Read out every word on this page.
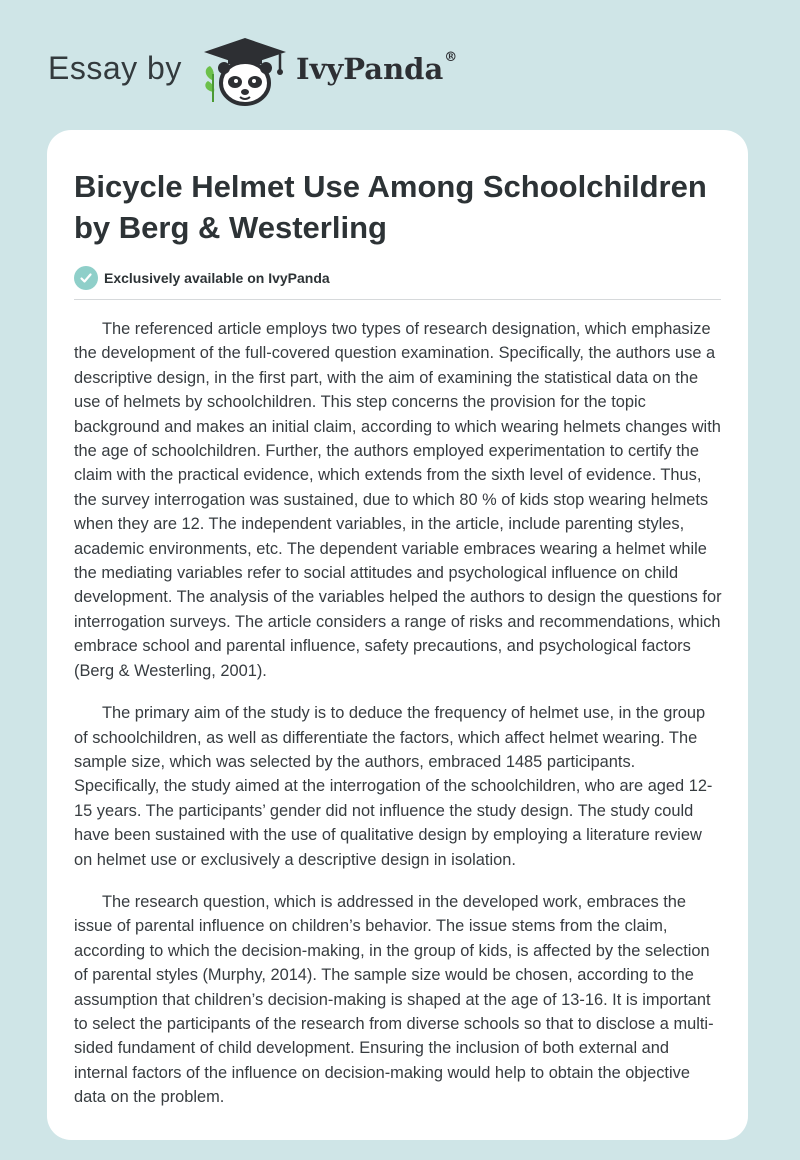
Essay by	IvyPanda®
Bicycle Helmet Use Among Schoolchildren by Berg & Westerling
Exclusively available on IvyPanda

The referenced article employs two types of research designation, which emphasize the development of the full-covered question examination. Specifically, the authors use a descriptive design, in the first part, with the aim of examining the statistical data on the use of helmets by schoolchildren. This step concerns the provision for the topic background and makes an initial claim, according to which wearing helmets changes with the age of schoolchildren. Further, the authors employed experimentation to certify the claim with the practical evidence, which extends from the sixth level of evidence. Thus, the survey interrogation was sustained, due to which 80 % of kids stop wearing helmets when they are 12. The independent variables, in the article, include parenting styles, academic environments, etc. The dependent variable embraces wearing a helmet while the mediating variables refer to social attitudes and psychological influence on child development. The analysis of the variables helped the authors to design the questions for interrogation surveys. The article considers a range of risks and recommendations, which embrace school and parental influence, safety precautions, and psychological factors (Berg & Westerling, 2001).

The primary aim of the study is to deduce the frequency of helmet use, in the group of schoolchildren, as well as differentiate the factors, which affect helmet wearing. The sample size, which was selected by the authors, embraced 1485 participants. Specifically, the study aimed at the interrogation of the schoolchildren, who are aged 12-15 years. The participants’ gender did not influence the study design. The study could have been sustained with the use of qualitative design by employing a literature review on helmet use or exclusively a descriptive design in isolation.

The research question, which is addressed in the developed work, embraces the issue of parental influence on children’s behavior. The issue stems from the claim, according to which the decision-making, in the group of kids, is affected by the selection of parental styles (Murphy, 2014). The sample size would be chosen, according to the assumption that children’s decision-making is shaped at the age of 13-16. It is important to select the participants of the research from diverse schools so that to disclose a multi-sided fundament of child development. Ensuring the inclusion of both external and internal factors of the influence on decision-making would help to obtain the objective data on the problem.
